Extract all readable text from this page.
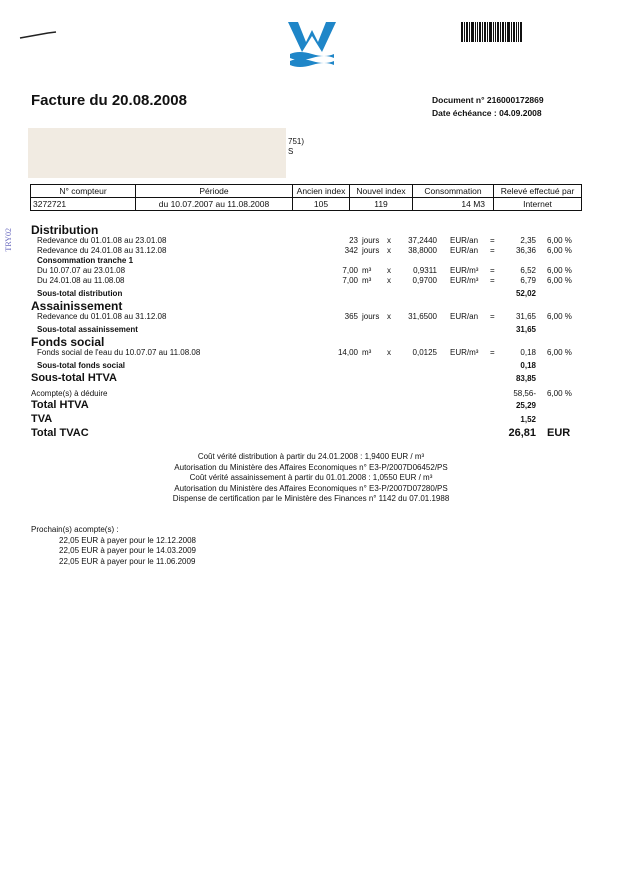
Facture du 20.08.2008	Document n° 216000172869
Date échéance : 04.09.2008
751)
S
TRY02
N° compteur	Période	Ancien index	Nouvel index	Consommation	Relevé effectué par
3272721	du 10.07.2007 au 11.08.2008	105	119	14 M3	Internet
Distribution
Redevance du 01.01.08 au 23.01.08	23 jours x 37,2440 EUR/an =	2,35 6,00 %
Redevance du 24.01.08 au 31.12.08	342 jours x 38,8000 EUR/an =	36,36 6,00 %
Consommation tranche 1
Du 10.07.07 au 23.01.08	7,00 m³ x	0,9311 EUR/m³ =	6,52 6,00 %
Du 24.01.08 au 11.08.08	7,00 m³ x	0,9700 EUR/m³ =	6,79 6,00 %
Sous-total distribution	52,02
Assainissement
Redevance du 01.01.08 au 31.12.08	365 jours x 31,6500 EUR/an =	31,65 6,00 %
Sous-total assainissement	31,65
Fonds social
Fonds social de l'eau du 10.07.07 au 11.08.08	14,00 m³ x	0,0125 EUR/m³ =	0,18 6,00 %
Sous-total fonds social	0,18
Sous-total HTVA	83,85
Acompte(s) à déduire	58,56- 6,00 %
Total HTVA	25,29
TVA	1,52
Total TVAC	26,81 EUR
Coût vérité distribution à partir du 24.01.2008 : 1,9400 EUR / m³
Autorisation du Ministère des Affaires Economiques n° E3-P/2007D06452/PS
Coût vérité assainissement à partir du 01.01.2008 : 1,0550 EUR / m³
Autorisation du Ministère des Affaires Economiques n° E3-P/2007D07280/PS
Dispense de certification par le Ministère des Finances n° 1142 du 07.01.1988
Prochain(s) acompte(s) :
22,05 EUR à payer pour le 12.12.2008
22,05 EUR à payer pour le 14.03.2009
22,05 EUR à payer pour le 11.06.2009
